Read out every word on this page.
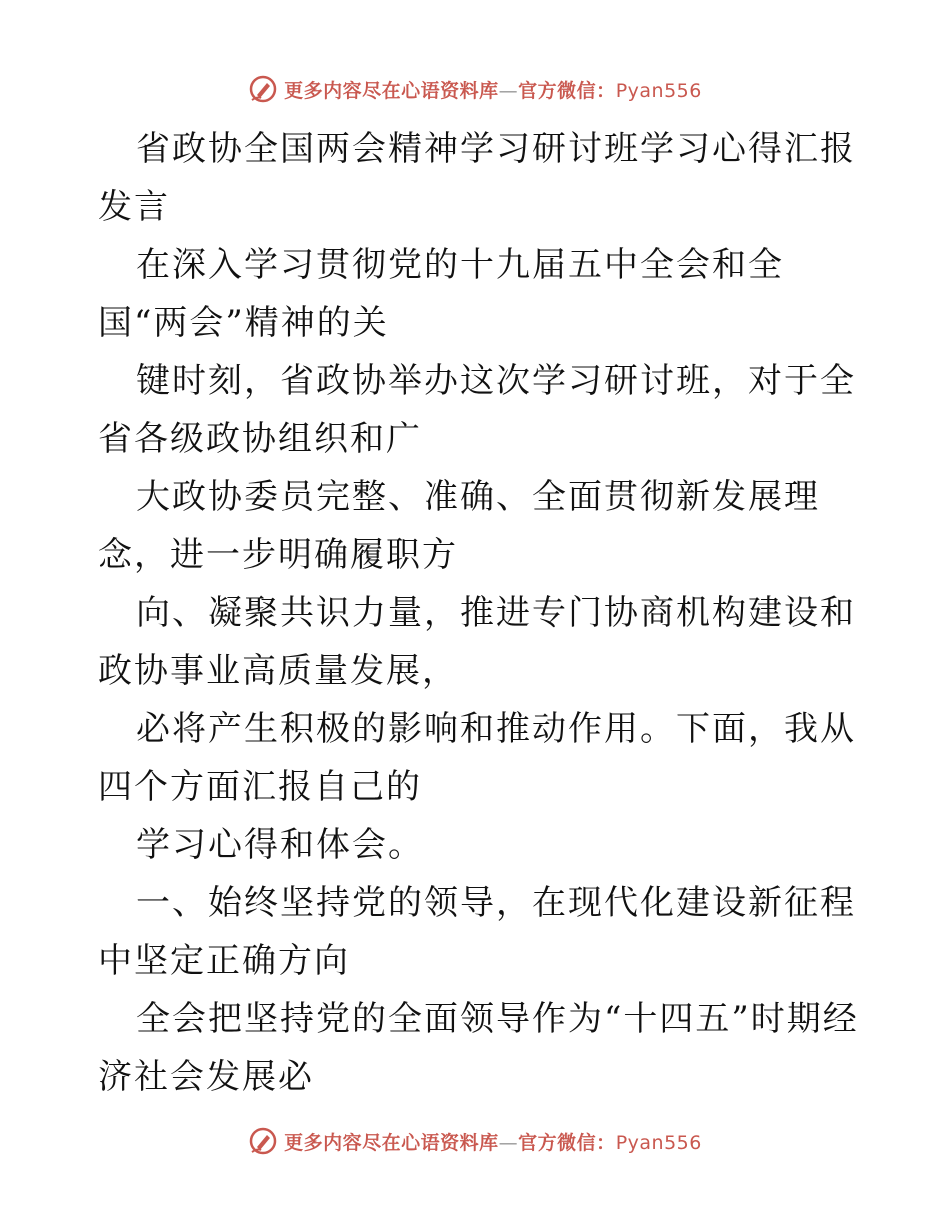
更多内容尽在心语资料库—官方微信：Pyan556

省政协全国两会精神学习研讨班学习心得汇报发言

在深入学习贯彻党的十九届五中全会和全国“两会”精神的关

键时刻，省政协举办这次学习研讨班，对于全省各级政协组织和广

大政协委员完整、准确、全面贯彻新发展理念，进一步明确履职方

向、凝聚共识力量，推进专门协商机构建设和政协事业高质量发展，

必将产生积极的影响和推动作用。下面，我从四个方面汇报自己的

学习心得和体会。

一、始终坚持党的领导，在现代化建设新征程中坚定正确方向

全会把坚持党的全面领导作为“十四五”时期经济社会发展必

更多内容尽在心语资料库—官方微信：Pyan556
